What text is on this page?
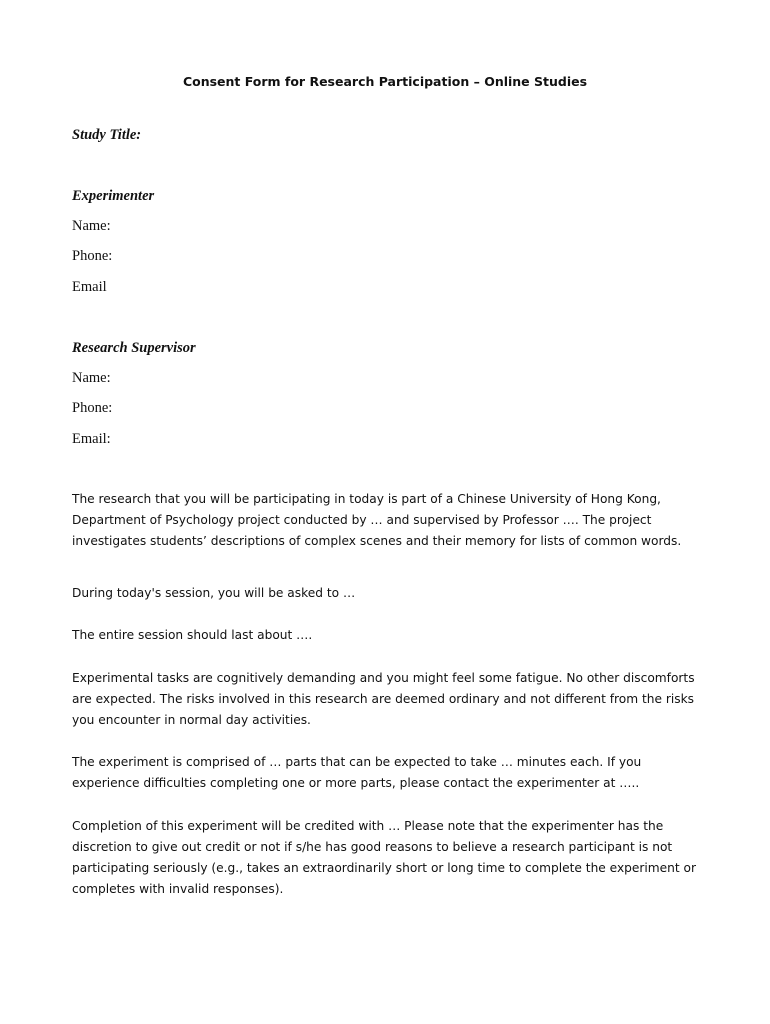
Consent Form for Research Participation – Online Studies
Study Title:
Experimenter
Name:
Phone:
Email
Research Supervisor
Name:
Phone:
Email:
The research that you will be participating in today is part of a Chinese University of Hong Kong, Department of Psychology project conducted by … and supervised by Professor …. The project investigates students’ descriptions of complex scenes and their memory for lists of common words.
During today's session, you will be asked to …
The entire session should last about ….
Experimental tasks are cognitively demanding and you might feel some fatigue. No other discomforts are expected. The risks involved in this research are deemed ordinary and not different from the risks you encounter in normal day activities.
The experiment is comprised of … parts that can be expected to take … minutes each. If you experience difficulties completing one or more parts, please contact the experimenter at …..
Completion of this experiment will be credited with … Please note that the experimenter has the discretion to give out credit or not if s/he has good reasons to believe a research participant is not participating seriously (e.g., takes an extraordinarily short or long time to complete the experiment or completes with invalid responses).
